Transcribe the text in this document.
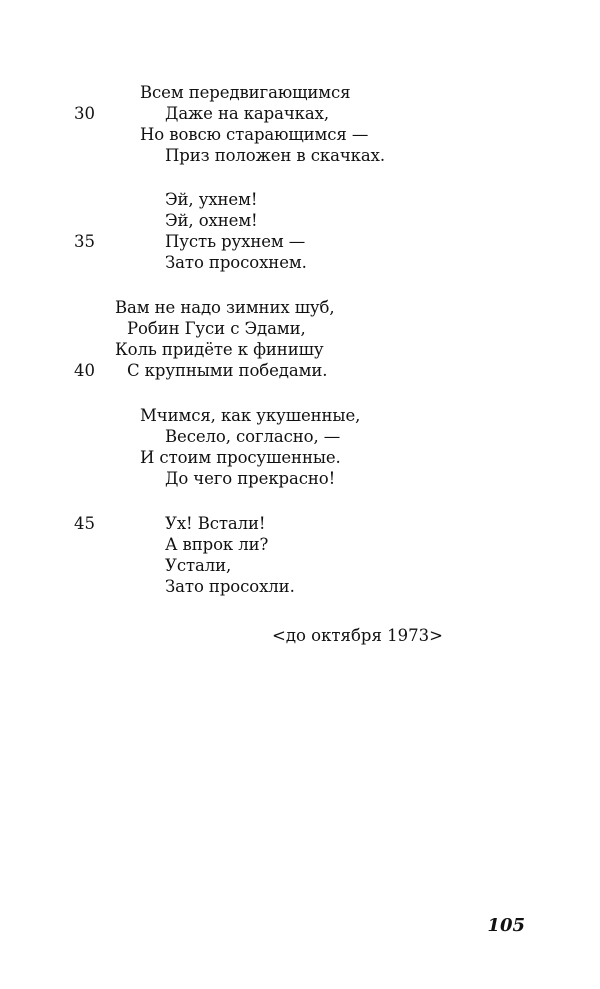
Всем передвигающимся
30	Даже на карачках,
Но вовсю старающимся —
Приз положен в скачках.
Эй, ухнем!
Эй, охнем!
35	Пусть рухнем —
Зато просохнем.
Вам не надо зимних шуб,
Робин Гуси с Эдами,
Коль придёте к финишу
40 С крупными победами.
Мчимся, как укушенные,
Весело, согласно, —
И стоим просушенные.
До чего прекрасно!
45	Ух! Встали!
А впрок ли?
Устали,
Зато просохли.
<до октября 1973>
105
